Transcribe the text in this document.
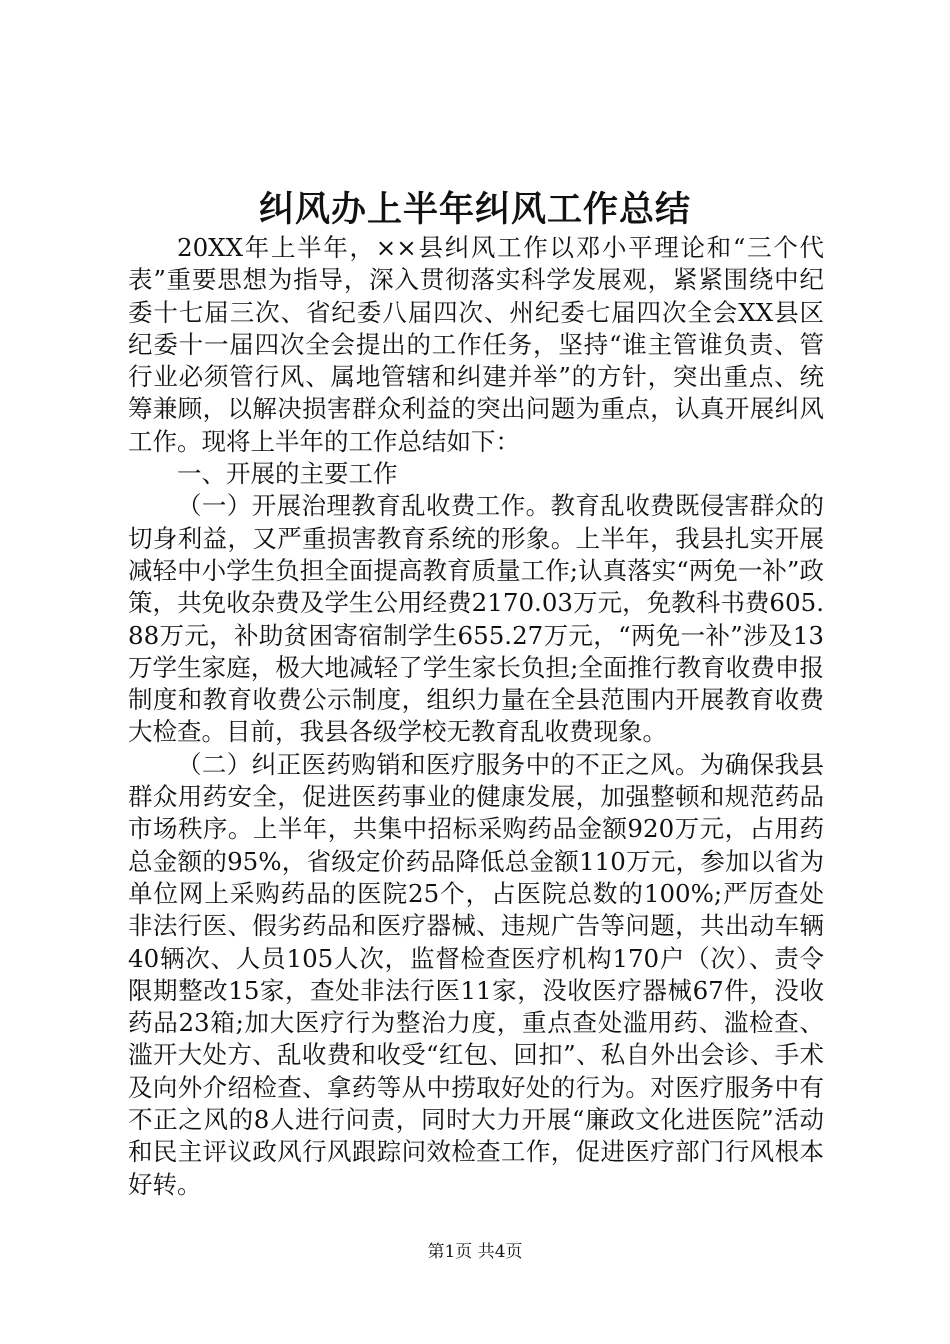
纠风办上半年纠风工作总结

20XX年上半年，××县纠风工作以邓小平理论和“三个代表”重要思想为指导，深入贯彻落实科学发展观，紧紧围绕中纪委十七届三次、省纪委八届四次、州纪委七届四次全会XX县区纪委十一届四次全会提出的工作任务，坚持“谁主管谁负责、管行业必须管行风、属地管辖和纠建并举”的方针，突出重点、统筹兼顾，以解决损害群众利益的突出问题为重点，认真开展纠风工作。现将上半年的工作总结如下：

一、开展的主要工作

（一）开展治理教育乱收费工作。教育乱收费既侵害群众的切身利益，又严重损害教育系统的形象。上半年，我县扎实开展减轻中小学生负担全面提高教育质量工作;认真落实“两免一补”政策，共免收杂费及学生公用经费2170.03万元，免教科书费605.88万元，补助贫困寄宿制学生655.27万元，“两免一补”涉及13万学生家庭，极大地减轻了学生家长负担;全面推行教育收费申报制度和教育收费公示制度，组织力量在全县范围内开展教育收费大检查。目前，我县各级学校无教育乱收费现象。

（二）纠正医药购销和医疗服务中的不正之风。为确保我县群众用药安全，促进医药事业的健康发展，加强整顿和规范药品市场秩序。上半年，共集中招标采购药品金额920万元，占用药总金额的95%，省级定价药品降低总金额110万元，参加以省为单位网上采购药品的医院25个，占医院总数的100%;严厉查处非法行医、假劣药品和医疗器械、违规广告等问题，共出动车辆40辆次、人员105人次，监督检查医疗机构170户（次）、责令限期整改15家，查处非法行医11家，没收医疗器械67件，没收药品23箱;加大医疗行为整治力度，重点查处滥用药、滥检查、滥开大处方、乱收费和收受“红包、回扣”、私自外出会诊、手术及向外介绍检查、拿药等从中捞取好处的行为。对医疗服务中有不正之风的8人进行问责，同时大力开展“廉政文化进医院”活动和民主评议政风行风跟踪问效检查工作，促进医疗部门行风根本好转。

第1页 共4页
